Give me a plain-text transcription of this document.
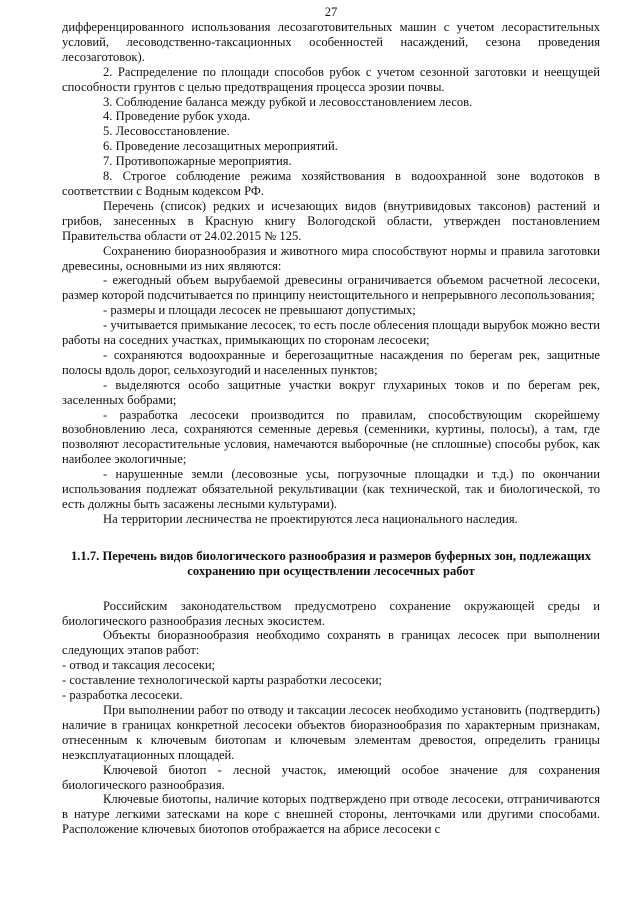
27

дифференцированного использования лесозаготовительных машин с учетом лесорастительных условий, лесоводственно-таксационных особенностей насаждений, сезона проведения лесозаготовок).

2. Распределение по площади способов рубок с учетом сезонной заготовки и неещущей способности грунтов с целью предотвращения процесса эрозии почвы.

3. Соблюдение баланса между рубкой и лесовосстановлением лесов.

4. Проведение рубок ухода.

5. Лесовосстановление.

6. Проведение лесозащитных мероприятий.

7. Противопожарные мероприятия.

8. Строгое соблюдение режима хозяйствования в водоохранной зоне водотоков в соответствии с Водным кодексом РФ.

Перечень (список) редких и исчезающих видов (внутривидовых таксонов) растений и грибов, занесенных в Красную книгу Вологодской области, утвержден постановлением Правительства области от 24.02.2015 № 125.

Сохранению биоразнообразия и животного мира способствуют нормы и правила заготовки древесины, основными из них являются:

- ежегодный объем вырубаемой древесины ограничивается объемом расчетной лесосеки, размер которой подсчитывается по принципу неистощительного и непрерывного лесопользования;

- размеры и площади лесосек не превышают допустимых;

- учитывается примыкание лесосек, то есть после облесения площади вырубок можно вести работы на соседних участках, примыкающих по сторонам лесосеки;

- сохраняются водоохранные и берегозащитные насаждения по берегам рек, защитные полосы вдоль дорог, сельхозугодий и населенных пунктов;

- выделяются особо защитные участки вокруг глухариных токов и по берегам рек, заселенных бобрами;

- разработка лесосеки производится по правилам, способствующим скорейшему возобновлению леса, сохраняются семенные деревья (семенники, куртины, полосы), а там, где позволяют лесорастительные условия, намечаются выборочные (не сплошные) способы рубок, как наиболее экологичные;

- нарушенные земли (лесовозные усы, погрузочные площадки и т.д.) по окончании использования подлежат обязательной рекультивации (как технической, так и биологической, то есть должны быть засажены лесными культурами).

На территории лесничества не проектируются леса национального наследия.

1.1.7. Перечень видов биологического разнообразия и размеров буферных зон, подлежащих сохранению при осуществлении лесосечных работ

Российским законодательством предусмотрено сохранение окружающей среды и биологического разнообразия лесных экосистем.

Объекты биоразнообразия необходимо сохранять в границах лесосек при выполнении следующих этапов работ:

- отвод и таксация лесосеки;

- составление технологической карты разработки лесосеки;

- разработка лесосеки.

При выполнении работ по отводу и таксации лесосек необходимо установить (подтвердить) наличие в границах конкретной лесосеки объектов биоразнообразия по характерным признакам, отнесенным к ключевым биотопам и ключевым элементам древостоя, определить границы неэксплуатационных площадей.

Ключевой биотоп - лесной участок, имеющий особое значение для сохранения биологического разнообразия.

Ключевые биотопы, наличие которых подтверждено при отводе лесосеки, отграничиваются в натуре легкими затесками на коре с внешней стороны, ленточками или другими способами. Расположение ключевых биотопов отображается на абрисе лесосеки с
